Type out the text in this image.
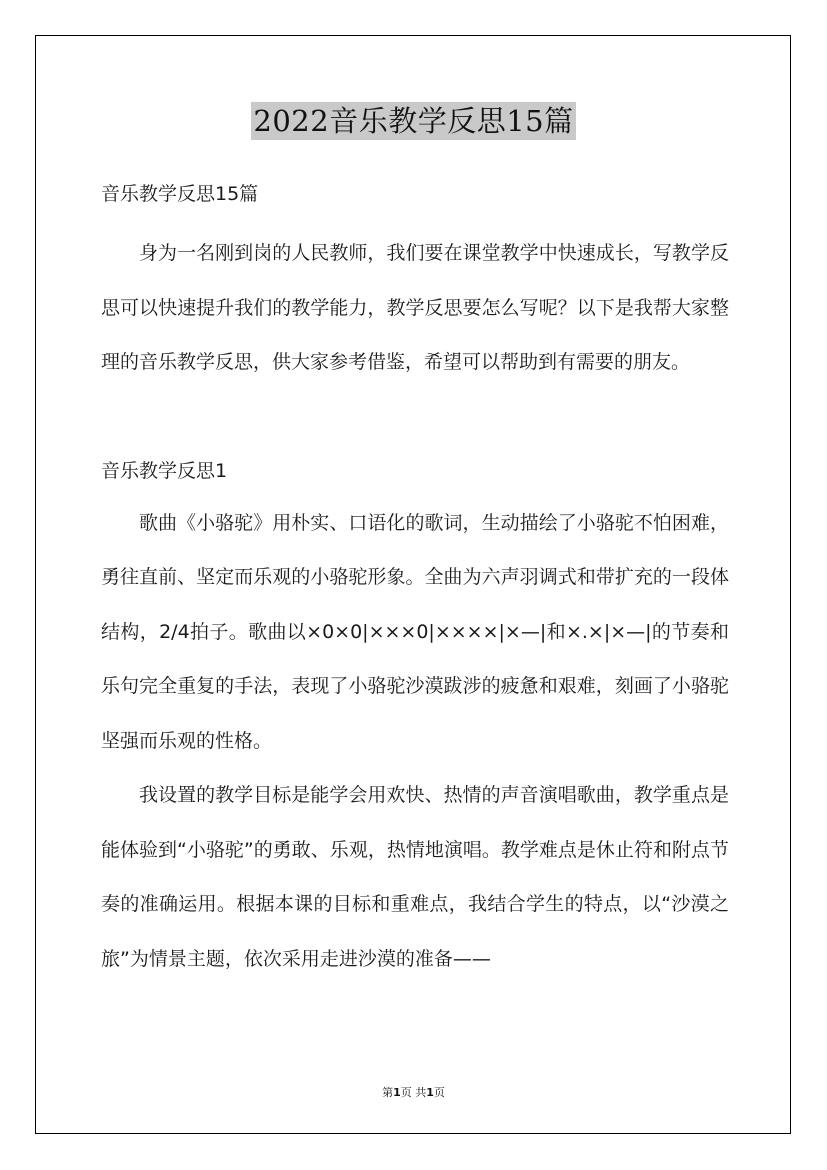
2022音乐教学反思15篇

音乐教学反思15篇

身为一名刚到岗的人民教师，我们要在课堂教学中快速成长，写教学反思可以快速提升我们的教学能力，教学反思要怎么写呢？以下是我帮大家整理的音乐教学反思，供大家参考借鉴，希望可以帮助到有需要的朋友。

音乐教学反思1

歌曲《小骆驼》用朴实、口语化的歌词，生动描绘了小骆驼不怕困难，勇往直前、坚定而乐观的小骆驼形象。全曲为六声羽调式和带扩充的一段体结构，2/4拍子。歌曲以×0×0|×××0|××××|×—|和×.×|×—|的节奏和乐句完全重复的手法，表现了小骆驼沙漠跋涉的疲惫和艰难，刻画了小骆驼坚强而乐观的性格。

我设置的教学目标是能学会用欢快、热情的声音演唱歌曲，教学重点是能体验到“小骆驼”的勇敢、乐观，热情地演唱。教学难点是休止符和附点节奏的准确运用。根据本课的目标和重难点，我结合学生的特点，以“沙漠之旅”为情景主题，依次采用走进沙漠的准备——

第1页 共1页
